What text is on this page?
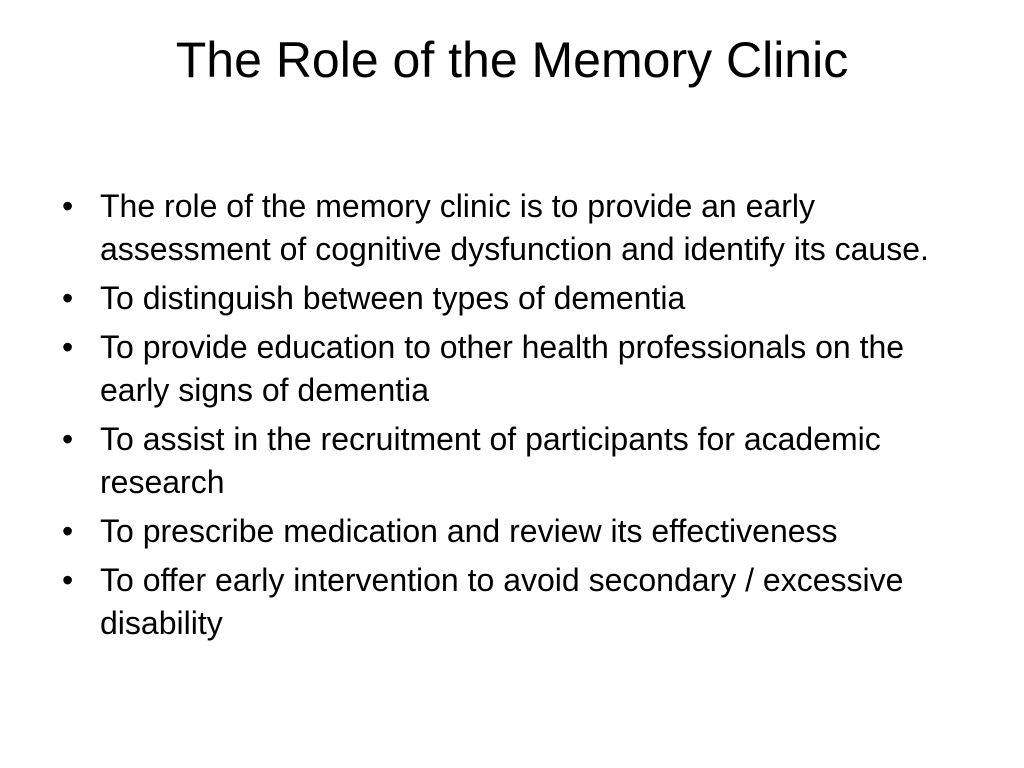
The Role of the Memory Clinic
• The role of the memory clinic is to provide an early assessment of cognitive dysfunction and identify its cause.
• To distinguish between types of dementia
• To provide education to other health professionals on the early signs of dementia
• To assist in the recruitment of participants for academic research
• To prescribe medication and review its effectiveness
• To offer early intervention to avoid secondary / excessive disability
